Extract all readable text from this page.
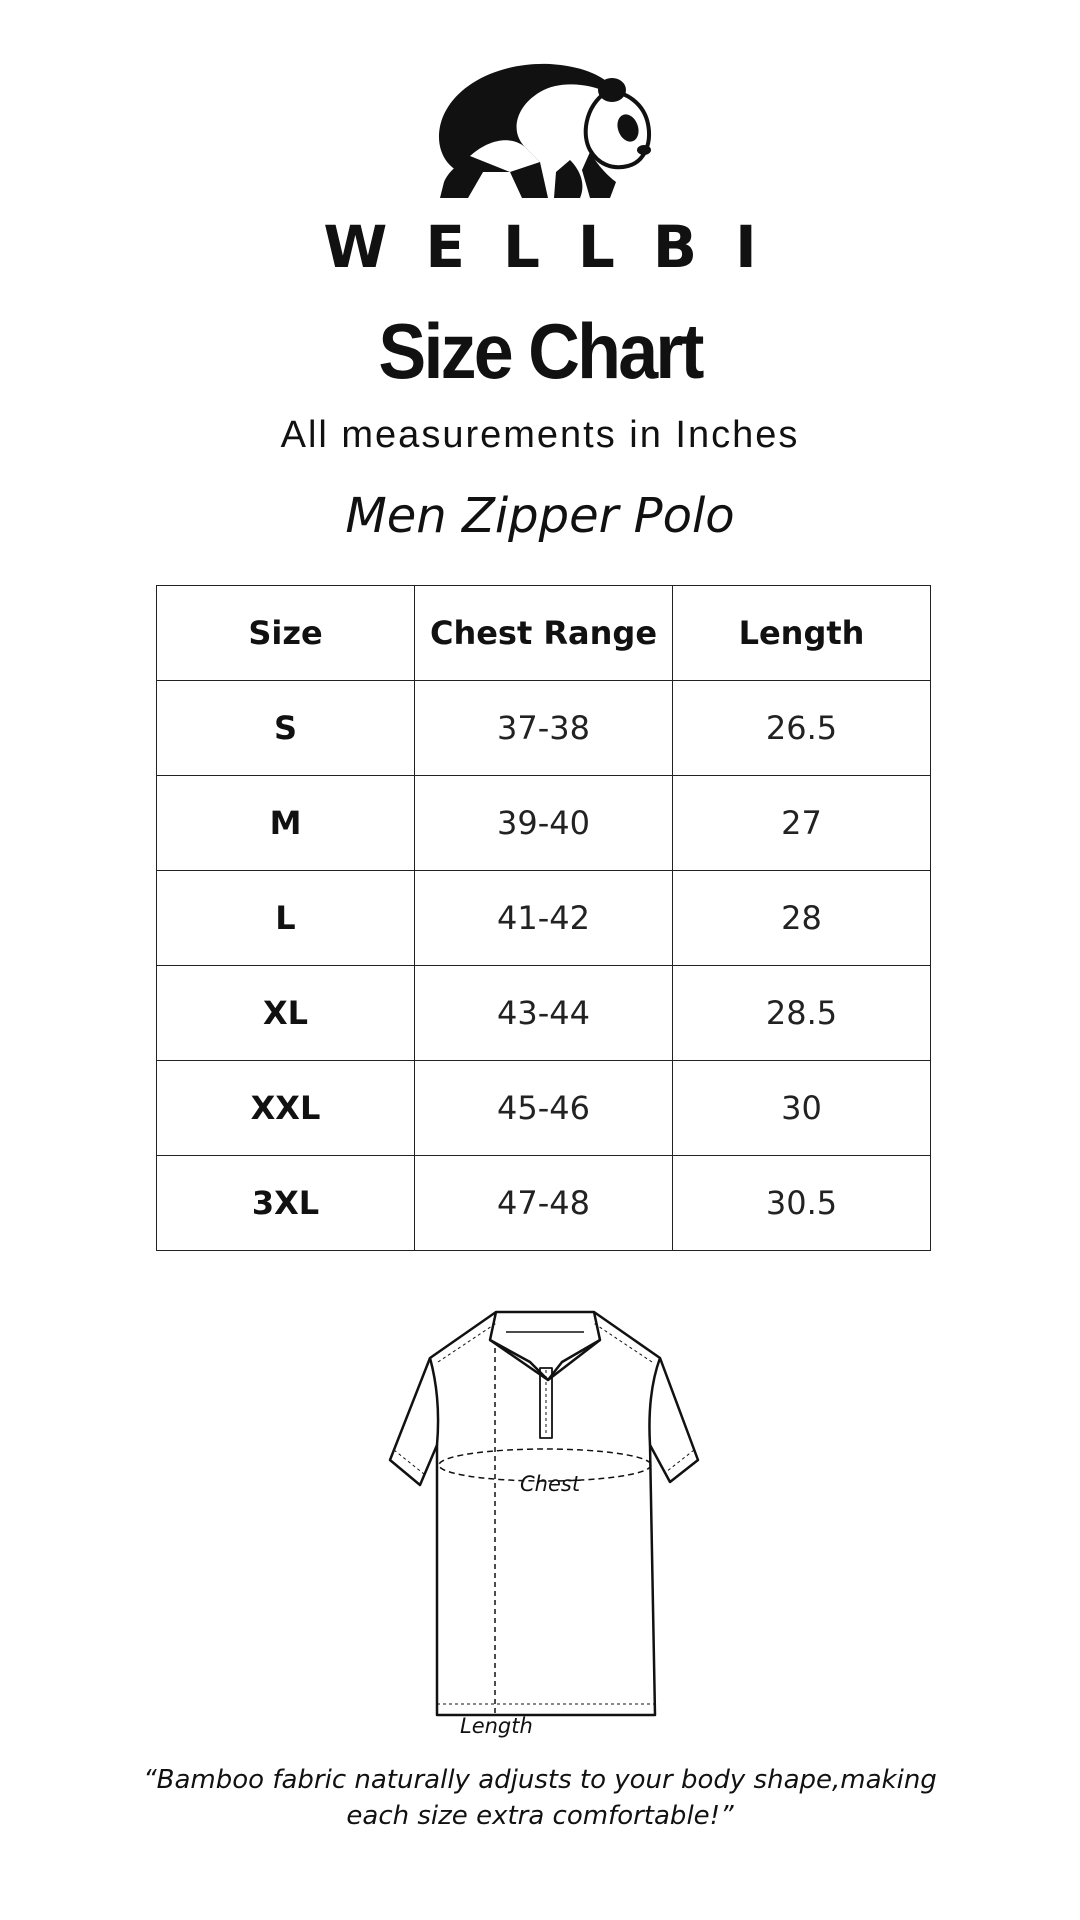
WELLBI
Size Chart
All measurements in Inches
Men Zipper Polo
Size	Chest Range	Length
S	37-38	26.5
M	39-40	27
L	41-42	28
XL	43-44	28.5
XXL	45-46	30
3XL	47-48	30.5
Chest
Length
“Bamboo fabric naturally adjusts to your body shape,making
each size extra comfortable!”
